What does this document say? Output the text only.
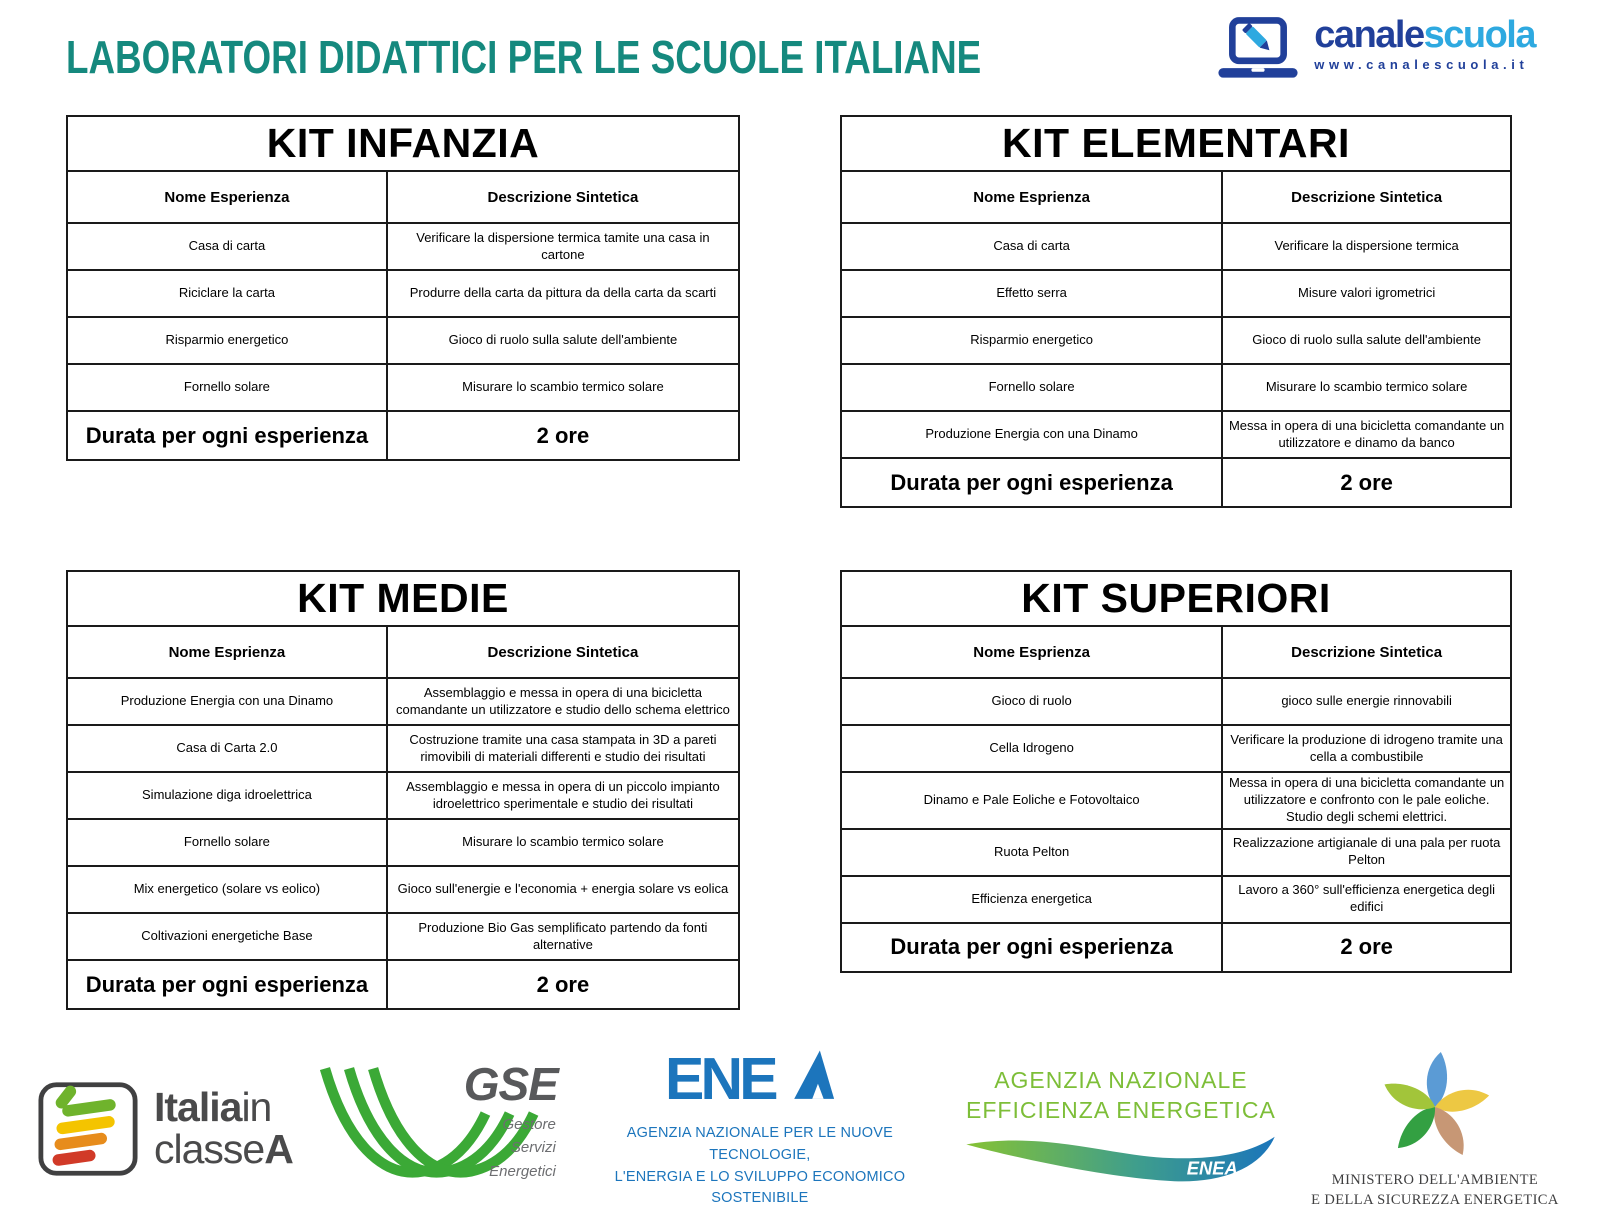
LABORATORI DIDATTICI PER LE SCUOLE ITALIANE	canalescuola
www.canalescuola.it
KIT INFANZIA	
Nome Esperienza	Descrizione Sintetica
Casa di carta	Verificare la dispersione termica tamite una casa in cartone
Riciclare la carta	Produrre della carta da pittura da della carta da scarti
Risparmio energetico	Gioco di ruolo sulla salute dell'ambiente
Fornello solare	Misurare lo scambio termico solare
Durata per ogni esperienza	2 ore
KIT ELEMENTARI	
Nome Esprienza	Descrizione Sintetica
Casa di carta	Verificare la dispersione termica
Effetto serra	Misure valori igrometrici
Risparmio energetico	Gioco di ruolo sulla salute dell'ambiente
Fornello solare	Misurare lo scambio termico solare
Produzione Energia con una Dinamo	Messa in opera di una bicicletta comandante un utilizzatore e dinamo da banco
Durata per ogni esperienza	2 ore
KIT MEDIE	
Nome Esprienza	Descrizione Sintetica
Produzione Energia con una Dinamo	Assemblaggio e messa in opera di una bicicletta comandante un utilizzatore e studio dello schema elettrico
Casa di Carta 2.0	Costruzione tramite una casa stampata in 3D a pareti rimovibili di materiali differenti e studio dei risultati
Simulazione diga idroelettrica	Assemblaggio e messa in opera di un piccolo impianto idroelettrico sperimentale e studio dei risultati
Fornello solare	Misurare lo scambio termico solare
Mix energetico (solare vs eolico)	Gioco sull'energie e l'economia + energia solare vs eolica
Coltivazioni energetiche Base	Produzione Bio Gas semplificato partendo da fonti alternative
Durata per ogni esperienza	2 ore
KIT SUPERIORI	
Nome Esprienza	Descrizione Sintetica
Gioco di ruolo	gioco sulle energie rinnovabili
Cella Idrogeno	Verificare la produzione di idrogeno tramite una cella a combustibile
Dinamo e Pale Eoliche e Fotovoltaico	Messa in opera di una bicicletta comandante un utilizzatore e confronto con le pale eoliche. Studio degli schemi elettrici.
Ruota Pelton	Realizzazione artigianale di una pala per ruota Pelton
Efficienza energetica	Lavoro a 360° sull'efficienza energetica degli edifici
Durata per ogni esperienza	2 ore
Italiain
classeA
GSE
Gestore
Servizi
Energetici
ENE
AGENZIA NAZIONALE PER LE NUOVE TECNOLOGIE,
L'ENERGIA E LO SVILUPPO ECONOMICO SOSTENIBILE
AGENZIA NAZIONALE
EFFICIENZA ENERGETICA
ENEA
MINISTERO DELL'AMBIENTE
E DELLA SICUREZZA ENERGETICA
